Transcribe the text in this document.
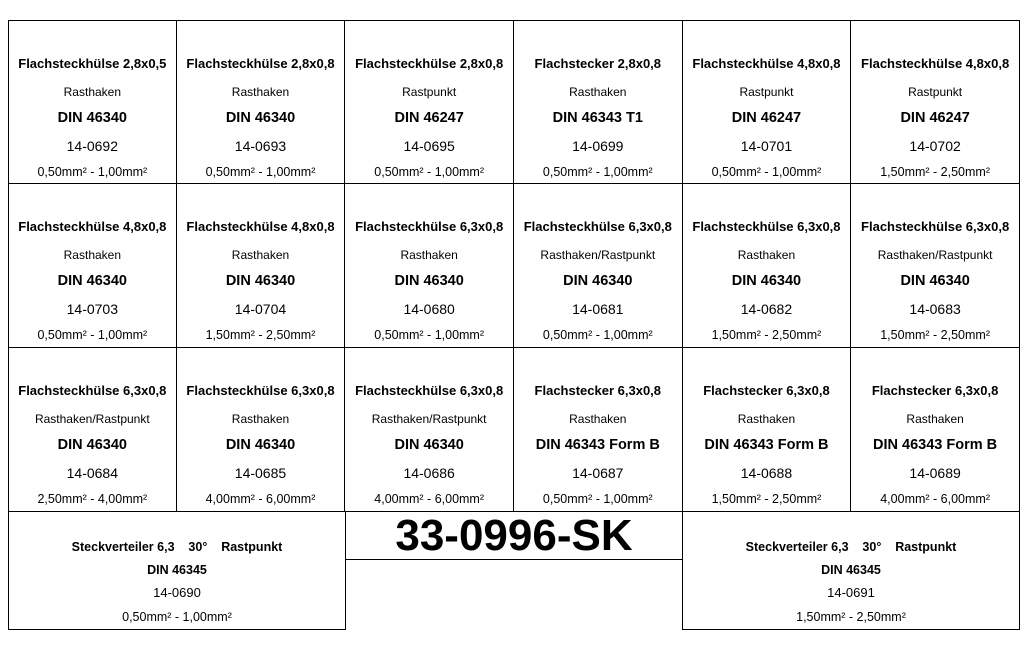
Flachsteckhülse 2,8x0,5
Rasthaken
DIN 46340
14-0692
0,50mm² - 1,00mm²
Flachsteckhülse 2,8x0,8
Rasthaken
DIN 46340
14-0693
0,50mm² - 1,00mm²
Flachsteckhülse 2,8x0,8
Rastpunkt
DIN 46247
14-0695
0,50mm² - 1,00mm²
Flachstecker 2,8x0,8
Rasthaken
DIN 46343 T1
14-0699
0,50mm² - 1,00mm²
Flachsteckhülse 4,8x0,8
Rastpunkt
DIN 46247
14-0701
0,50mm² - 1,00mm²
Flachsteckhülse 4,8x0,8
Rastpunkt
DIN 46247
14-0702
1,50mm² - 2,50mm²
Flachsteckhülse 4,8x0,8
Rasthaken
DIN 46340
14-0703
0,50mm² - 1,00mm²
Flachsteckhülse 4,8x0,8
Rasthaken
DIN 46340
14-0704
1,50mm² - 2,50mm²
Flachsteckhülse 6,3x0,8
Rasthaken
DIN 46340
14-0680
0,50mm² - 1,00mm²
Flachsteckhülse 6,3x0,8
Rasthaken/Rastpunkt
DIN 46340
14-0681
0,50mm² - 1,00mm²
Flachsteckhülse 6,3x0,8
Rasthaken
DIN 46340
14-0682
1,50mm² - 2,50mm²
Flachsteckhülse 6,3x0,8
Rasthaken/Rastpunkt
DIN 46340
14-0683
1,50mm² - 2,50mm²
Flachsteckhülse 6,3x0,8
Rasthaken/Rastpunkt
DIN 46340
14-0684
2,50mm² - 4,00mm²
Flachsteckhülse 6,3x0,8
Rasthaken
DIN 46340
14-0685
4,00mm² - 6,00mm²
Flachsteckhülse 6,3x0,8
Rasthaken/Rastpunkt
DIN 46340
14-0686
4,00mm² - 6,00mm²
Flachstecker 6,3x0,8
Rasthaken
DIN 46343 Form B
14-0687
0,50mm² - 1,00mm²
Flachstecker 6,3x0,8
Rasthaken
DIN 46343 Form B
14-0688
1,50mm² - 2,50mm²
Flachstecker 6,3x0,8
Rasthaken
DIN 46343 Form B
14-0689
4,00mm² - 6,00mm²
Steckverteiler 6,3    30°    Rastpunkt
DIN 46345
14-0690
0,50mm² - 1,00mm²
33-0996-SK	Steckverteiler 6,3    30°    Rastpunkt
DIN 46345
14-0691
1,50mm² - 2,50mm²
